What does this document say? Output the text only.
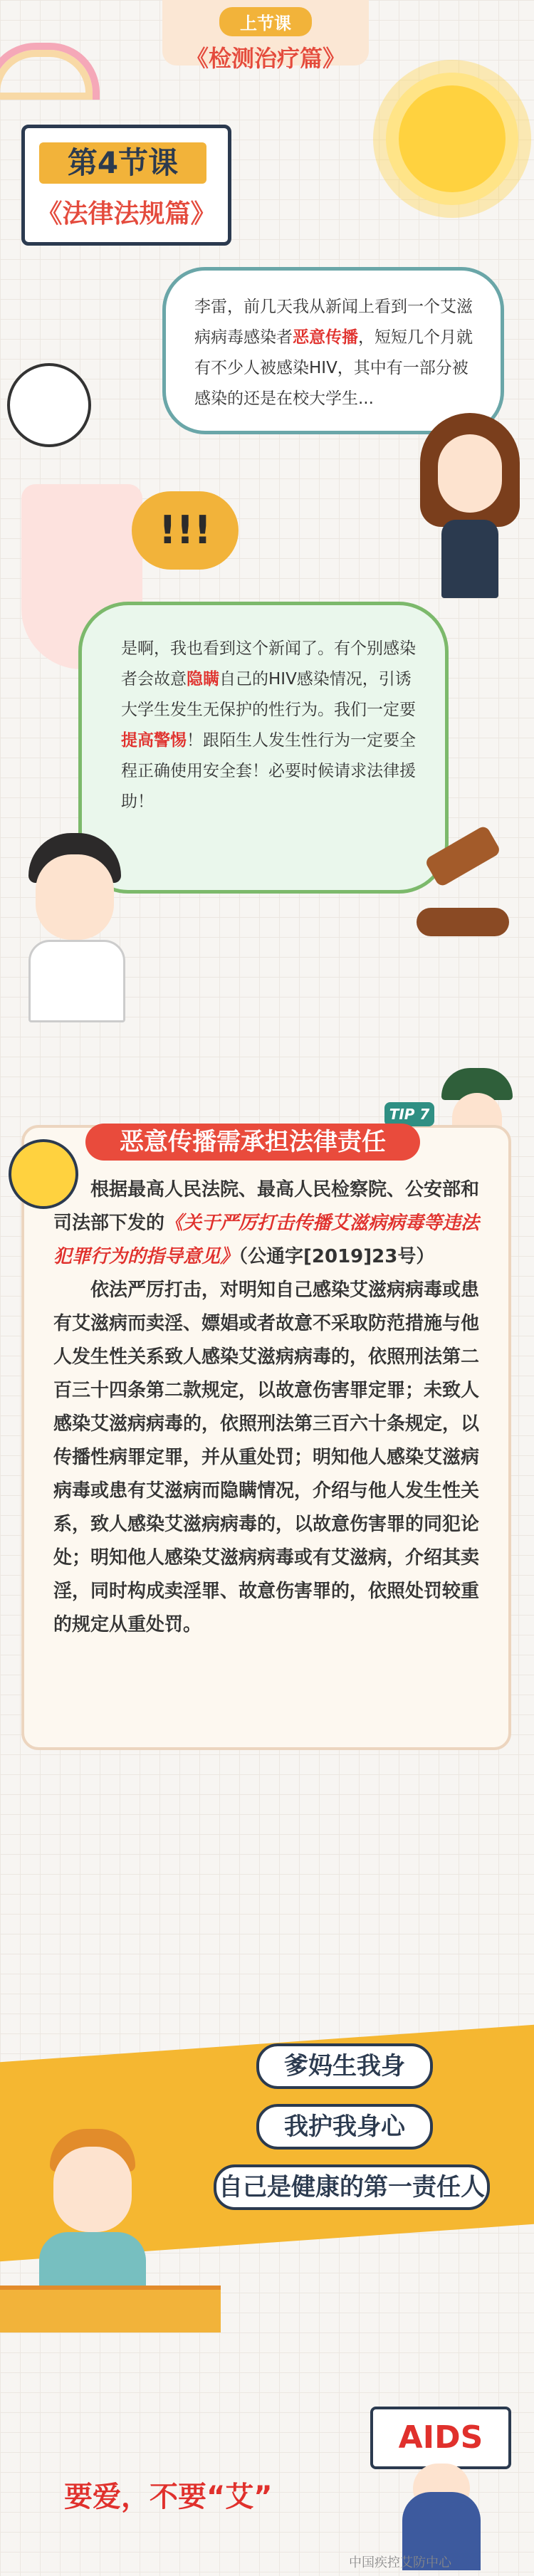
上节课
《检测治疗篇》
第4节课
《法律法规篇》
李雷，前几天我从新闻上看到一个艾滋病病毒感染者恶意传播，短短几个月就有不少人被感染HIV，其中有一部分被感染的还是在校大学生...
!!!
是啊，我也看到这个新闻了。有个别感染者会故意隐瞒自己的HIV感染情况，引诱大学生发生无保护的性行为。我们一定要提高警惕！跟陌生人发生性行为一定要全程正确使用安全套！必要时候请求法律援助！
TIP 7
恶意传播需承担法律责任

根据最高人民法院、最高人民检察院、公安部和司法部下发的《关于严厉打击传播艾滋病病毒等违法犯罪行为的指导意见》（公通字[2019]23号）

依法严厉打击，对明知自己感染艾滋病病毒或患有艾滋病而卖淫、嫖娼或者故意不采取防范措施与他人发生性关系致人感染艾滋病病毒的，依照刑法第二百三十四条第二款规定，以故意伤害罪定罪；未致人感染艾滋病病毒的，依照刑法第三百六十条规定，以传播性病罪定罪，并从重处罚；明知他人感染艾滋病病毒或患有艾滋病而隐瞒情况，介绍与他人发生性关系，致人感染艾滋病病毒的，以故意伤害罪的同犯论处；明知他人感染艾滋病病毒或有艾滋病，介绍其卖淫，同时构成卖淫罪、故意伤害罪的，依照处罚较重的规定从重处罚。

爹妈生我身
我护我身心
自己是健康的第一责任人
AIDS
要爱，不要“艾”
中国疾控艾防中心
